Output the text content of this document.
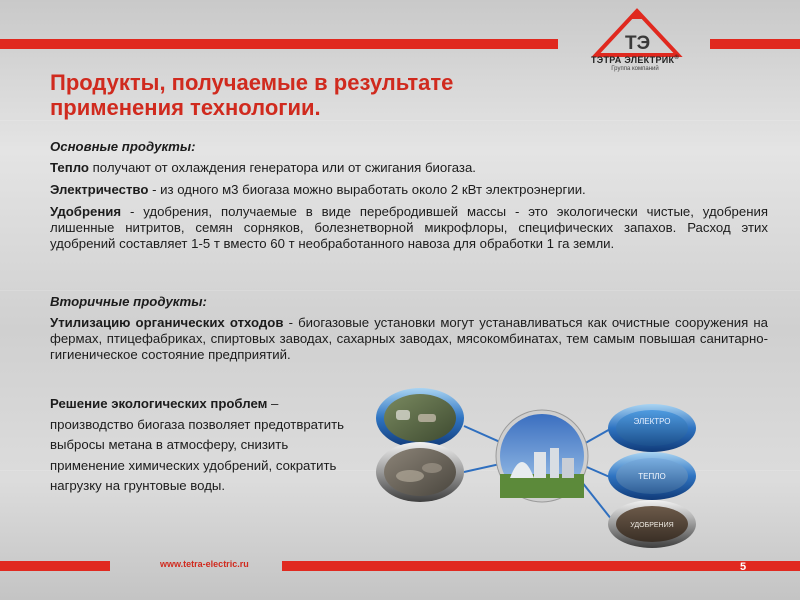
ТЭ
ТЭТРА ЭЛЕКТРИК®
Группа компаний
Продукты, получаемые в результате применения технологии.

Основные продукты:

Тепло получают от охлаждения генератора или от сжигания биогаза.

Электричество - из одного м3 биогаза можно выработать около 2 кВт электроэнергии.

Удобрения - удобрения, получаемые в виде перебродившей массы - это экологически чистые, удобрения лишенные нитритов, семян сорняков, болезнетворной микрофлоры, специфических запахов. Расход этих удобрений составляет 1-5 т вместо 60 т необработанного навоза для обработки 1 га земли.

Вторичные продукты:

Утилизацию органических отходов - биогазовые установки могут устанавливаться как очистные сооружения на фермах, птицефабриках, спиртовых заводах, сахарных заводах, мясокомбинатах, тем самым повышая санитарно-гигиеническое состояние предприятий.

Решение экологических проблем – производство биогаза позволяет предотвратить выбросы метана в атмосферу, снизить применение химических удобрений, сократить нагрузку на грунтовые воды.

ЭЛЕКТРО
ТЕПЛО
УДОБРЕНИЯ
www.tetra-electric.ru	5
